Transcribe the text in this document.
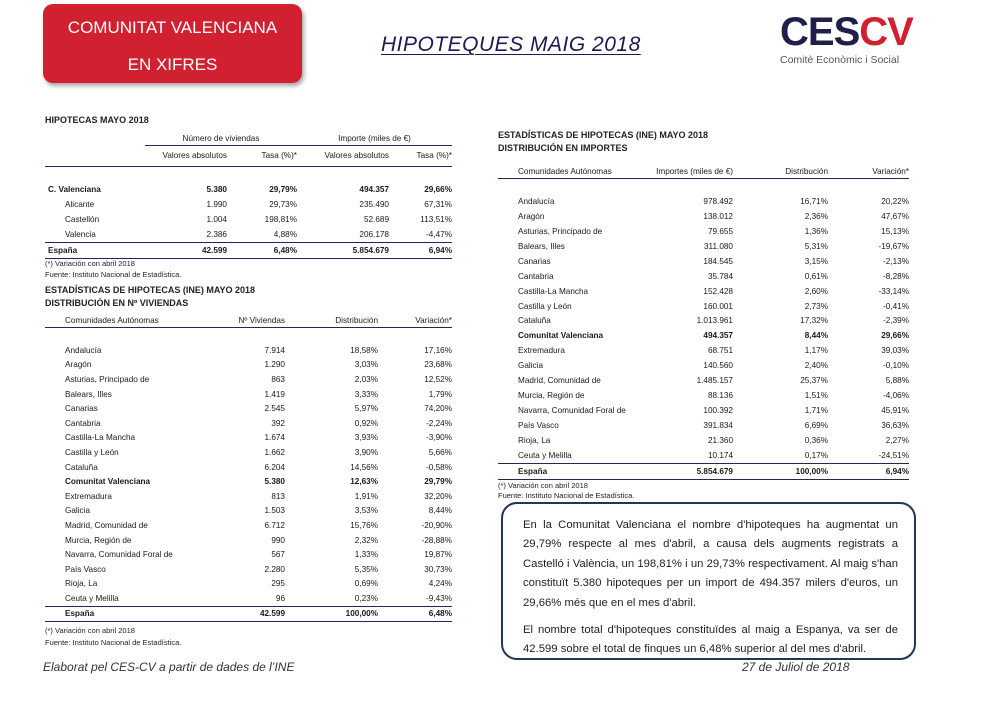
COMUNITAT VALENCIANA
EN XIFRES
HIPOTEQUES MAIG 2018	CESCV
Comitè Econòmic i Social
HIPOTECAS MAYO 2018
	Número de viviendas		Importe (miles de €)	
	Valores absolutos	Tasa (%)*	Valores absolutos	Tasa (%)*

C. Valenciana	5.380	29,79%	494.357	29,66%
Alicante	1.990	29,73%	235.490	67,31%
Castellón	1.004	198,81%	52.689	113,51%
Valencia	2.386	4,88%	206.178	-4,47%
España	42.599	6,48%	5.854.679	6,94%
(*) Variación con abril 2018
Fuente: Instituto Nacional de Estadística.
ESTADÍSTICAS DE HIPOTECAS (INE) MAYO 2018
DISTRIBUCIÓN EN Nº VIVIENDAS
Comunidades Autónomas	Nº Viviendas	Distribución	Variación*

Andalucía	7.914	18,58%	17,16%
Aragón	1.290	3,03%	23,68%
Asturias, Principado de	863	2,03%	12,52%
Balears, Illes	1.419	3,33%	1,79%
Canarias	2.545	5,97%	74,20%
Cantabria	392	0,92%	-2,24%
Castilla-La Mancha	1.674	3,93%	-3,90%
Castilla y León	1.662	3,90%	5,66%
Cataluña	6.204	14,56%	-0,58%
Comunitat Valenciana	5.380	12,63%	29,79%
Extremadura	813	1,91%	32,20%
Galicia	1.503	3,53%	8,44%
Madrid, Comunidad de	6.712	15,76%	-20,90%
Murcia, Región de	990	2,32%	-28,88%
Navarra, Comunidad Foral de	567	1,33%	19,87%
País Vasco	2.280	5,35%	30,73%
Rioja, La	295	0,69%	4,24%
Ceuta y Melilla	96	0,23%	-9,43%
España	42.599	100,00%	6,48%
(*) Variación con abril 2018
Fuente: Instituto Nacional de Estadística.
ESTADÍSTICAS DE HIPOTECAS (INE) MAYO 2018
DISTRIBUCIÓN EN IMPORTES
Comunidades Autónomas	Importes (miles de €)	Distribución	Variación*

Andalucía	978.492	16,71%	20,22%
Aragón	138.012	2,36%	47,67%
Asturias, Principado de	79.655	1,36%	15,13%
Balears, Illes	311.080	5,31%	-19,67%
Canarias	184.545	3,15%	-2,13%
Cantabria	35.784	0,61%	-8,28%
Castilla-La Mancha	152.428	2,60%	-33,14%
Castilla y León	160.001	2,73%	-0,41%
Cataluña	1.013.961	17,32%	-2,39%
Comunitat Valenciana	494.357	8,44%	29,66%
Extremadura	68.751	1,17%	39,03%
Galicia	140.560	2,40%	-0,10%
Madrid, Comunidad de	1.485.157	25,37%	5,88%
Murcia, Región de	88.136	1,51%	-4,06%
Navarra, Comunidad Foral de	100.392	1,71%	45,91%
País Vasco	391.834	6,69%	36,63%
Rioja, La	21.360	0,36%	2,27%
Ceuta y Melilla	10.174	0,17%	-24,51%
España	5.854.679	100,00%	6,94%
(*) Variación con abril 2018
Fuente: Instituto Nacional de Estadística.

En la Comunitat Valenciana el nombre d'hipoteques ha augmentat un 29,79% respecte al mes d'abril, a causa dels augments registrats a Castelló i València, un 198,81% i un 29,73% respectivament. Al maig s'han constituït 5.380 hipoteques per un import de 494.357 milers d'euros, un 29,66% més que en el mes d'abril.

El nombre total d'hipoteques constituïdes al maig a Espanya, va ser de 42.599 sobre el total de finques un 6,48% superior al del mes d'abril.

Elaborat pel CES-CV a partir de dades de l’INE	27 de Juliol de 2018
